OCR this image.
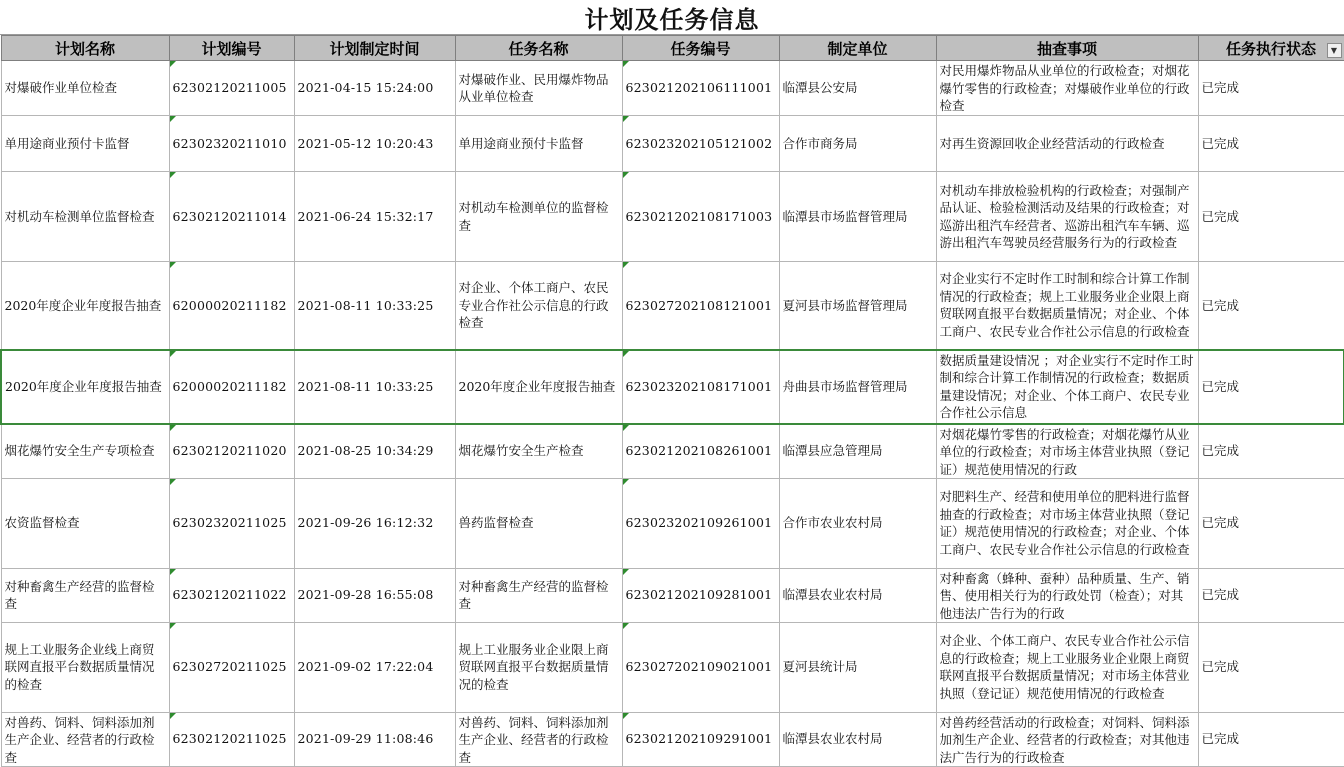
计划及任务信息
计划名称	计划编号	计划制定时间	任务名称	任务编号	制定单位	抽查事项	任务执行状态 ▼

对爆破作业单位检查	62302120211005	2021-04-15 15:24:00	对爆破作业、民用爆炸物品从业单位检查	623021202106111001	临潭县公安局	对民用爆炸物品从业单位的行政检查；对烟花爆竹零售的行政检查；对爆破作业单位的行政检查	已完成

单用途商业预付卡监督	62302320211010	2021-05-12 10:20:43	单用途商业预付卡监督	623023202105121002	合作市商务局	对再生资源回收企业经营活动的行政检查	已完成

对机动车检测单位监督检查	62302120211014	2021-06-24 15:32:17	对机动车检测单位的监督检查	623021202108171003	临潭县市场监督管理局	对机动车排放检验机构的行政检查；对强制产品认证、检验检测活动及结果的行政检查；对巡游出租汽车经营者、巡游出租汽车车辆、巡游出租汽车驾驶员经营服务行为的行政检查	已完成

2020年度企业年度报告抽查	62000020211182	2021-08-11 10:33:25	对企业、个体工商户、农民专业合作社公示信息的行政检查	623027202108121001	夏河县市场监督管理局	对企业实行不定时作工时制和综合计算工作制情况的行政检查；规上工业服务业企业限上商贸联网直报平台数据质量情况；对企业、个体工商户、农民专业合作社公示信息的行政检查	已完成

2020年度企业年度报告抽查	62000020211182	2021-08-11 10:33:25	2020年度企业年度报告抽查	623023202108171001	舟曲县市场监督管理局	数据质量建设情况 ；对企业实行不定时作工时制和综合计算工作制情况的行政检查；数据质量建设情况；对企业、个体工商户、农民专业合作社公示信息	已完成

烟花爆竹安全生产专项检查	62302120211020	2021-08-25 10:34:29	烟花爆竹安全生产检查	623021202108261001	临潭县应急管理局	对烟花爆竹零售的行政检查；对烟花爆竹从业单位的行政检查；对市场主体营业执照（登记证）规范使用情况的行政	已完成

农资监督检查	62302320211025	2021-09-26 16:12:32	兽药监督检查	623023202109261001	合作市农业农村局	对肥料生产、经营和使用单位的肥料进行监督抽查的行政检查；对市场主体营业执照（登记证）规范使用情况的行政检查；对企业、个体工商户、农民专业合作社公示信息的行政检查	已完成

对种畜禽生产经营的监督检查	62302120211022	2021-09-28 16:55:08	对种畜禽生产经营的监督检查	623021202109281001	临潭县农业农村局	对种畜禽（蜂种、蚕种）品种质量、生产、销售、使用相关行为的行政处罚（检查）；对其他违法广告行为的行政	已完成

规上工业服务企业线上商贸联网直报平台数据质量情况的检查	62302720211025	2021-09-02 17:22:04	规上工业服务业企业限上商贸联网直报平台数据质量情况的检查	623027202109021001	夏河县统计局	对企业、个体工商户、农民专业合作社公示信息的行政检查；规上工业服务业企业限上商贸联网直报平台数据质量情况；对市场主体营业执照（登记证）规范使用情况的行政检查	已完成

对兽药、饲料、饲料添加剂生产企业、经营者的行政检查	62302120211025	2021-09-29 11:08:46	对兽药、饲料、饲料添加剂生产企业、经营者的行政检查	623021202109291001	临潭县农业农村局	对兽药经营活动的行政检查；对饲料、饲料添加剂生产企业、经营者的行政检查；对其他违法广告行为的行政检查	已完成
